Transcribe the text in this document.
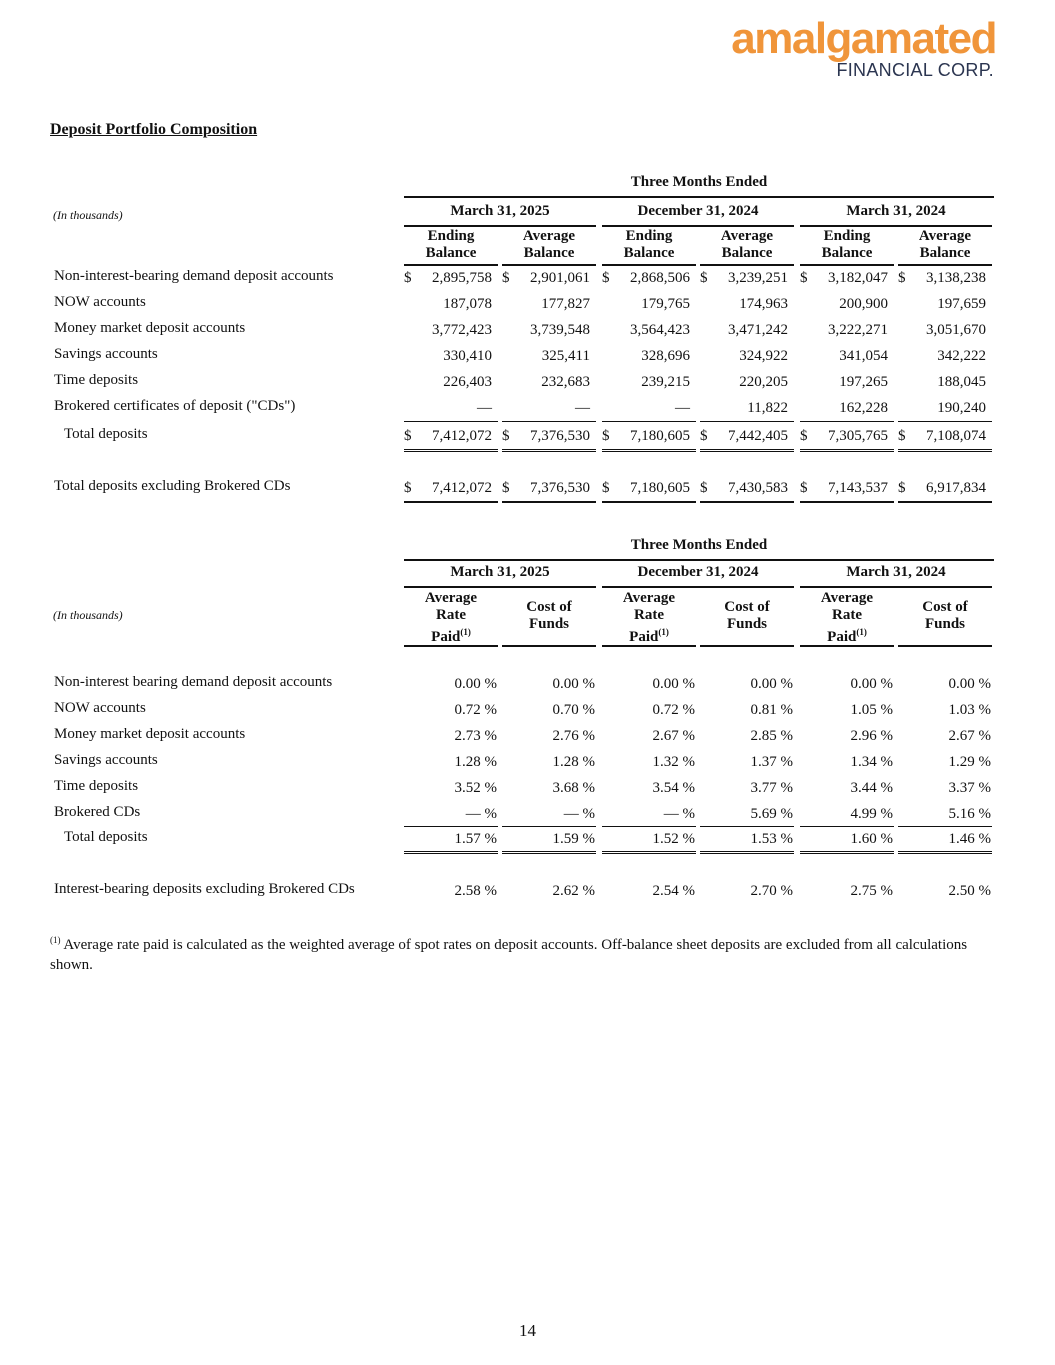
amalgamated
FINANCIAL CORP.
Deposit Portfolio Composition
Three Months Ended
March 31, 2025	December 31, 2024	March 31, 2024
(In thousands)
Ending
Balance
Average
Balance
Ending
Balance
Average
Balance
Ending
Balance
Average
Balance
Non-interest-bearing demand deposit accounts	$ 2,895,758 $ 2,901,061 $ 2,868,506 $ 3,239,251 $ 3,182,047 $ 3,138,238
NOW accounts	187,078	177,827	179,765	174,963	200,900	197,659
Money market deposit accounts	3,772,423	3,739,548	3,564,423	3,471,242	3,222,271	3,051,670
Savings accounts	330,410	325,411	328,696	324,922	341,054	342,222
Time deposits	226,403	232,683	239,215	220,205	197,265	188,045
Brokered certificates of deposit ("CDs")	—	—	—	11,822	162,228	190,240
Total deposits	$ 7,412,072 $ 7,376,530 $ 7,180,605 $ 7,442,405 $ 7,305,765 $ 7,108,074
Total deposits excluding Brokered CDs	$ 7,412,072 $ 7,376,530 $ 7,180,605 $ 7,430,583 $ 7,143,537 $ 6,917,834
Three Months Ended
March 31, 2025	December 31, 2024	March 31, 2024
(In thousands)
Average
Rate
Paid$^{(1)}$
Cost of
Funds
Average
Rate
Paid$^{(1)}$
Cost of
Funds
Average
Rate
Paid$^{(1)}$
Cost of
Funds
Non-interest bearing demand deposit accounts	0.00 %	0.00 %	0.00 %	0.00 %	0.00 %	0.00 %
NOW accounts	0.72 %	0.70 %	0.72 %	0.81 %	1.05 %	1.03 %
Money market deposit accounts	2.73 %	2.76 %	2.67 %	2.85 %	2.96 %	2.67 %
Savings accounts	1.28 %	1.28 %	1.32 %	1.37 %	1.34 %	1.29 %
Time deposits	3.52 %	3.68 %	3.54 %	3.77 %	3.44 %	3.37 %
Brokered CDs	— %	— %	— %	5.69 %	4.99 %	5.16 %
Total deposits	1.57 %	1.59 %	1.52 %	1.53 %	1.60 %	1.46 %
Interest-bearing deposits excluding Brokered CDs	2.58 %	2.62 %	2.54 %	2.70 %	2.75 %	2.50 %
$^{(1)}$ Average rate paid is calculated as the weighted average of spot rates on deposit accounts. Off-balance sheet deposits are excluded from all calculations shown.
14
